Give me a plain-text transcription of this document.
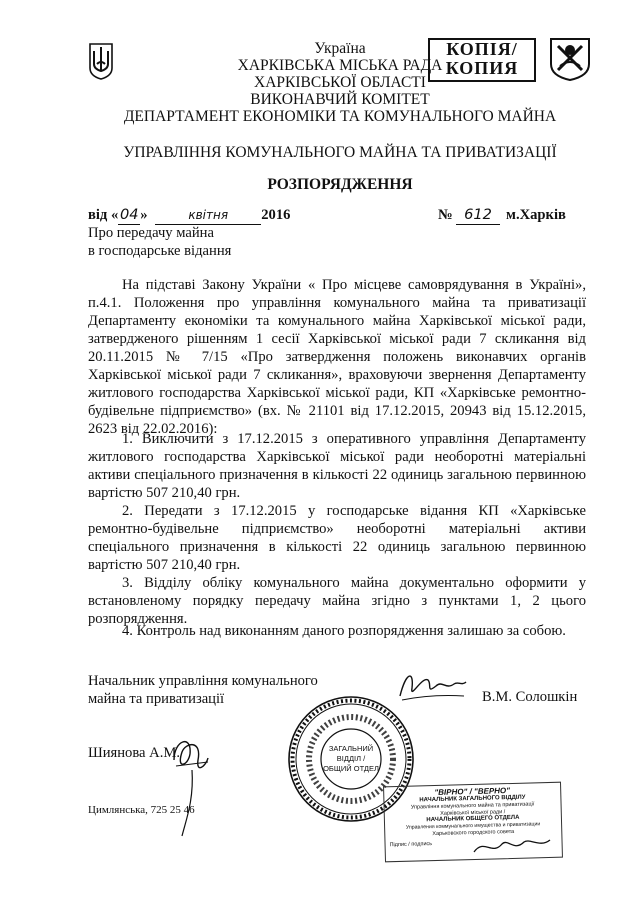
Україна
ХАРКІВСЬКА МІСЬКА РАДА
ХАРКІВСЬКОЇ ОБЛАСТІ
ВИКОНАВЧИЙ КОМІТЕТ
ДЕПАРТАМЕНТ ЕКОНОМІКИ ТА КОМУНАЛЬНОГО МАЙНА
КОПІЯ/
КОПИЯ
УПРАВЛІННЯ КОМУНАЛЬНОГО МАЙНА ТА ПРИВАТИЗАЦІЇ
РОЗПОРЯДЖЕННЯ
від « 04 »	квітня 2016	№ 612 м.Харків
Про передачу майна
в господарське відання
На підставі Закону України « Про місцеве самоврядування в Україні», п.4.1. Положення про управління комунального майна та приватизації Департаменту економіки та комунального майна Харківської міської ради, затвердженого рішенням 1 сесії Харківської міської ради 7 скликання від 20.11.2015 № 7/15 «Про затвердження положень виконавчих органів Харківської міської ради 7 скликання», враховуючи звернення Департаменту житлового господарства Харківської міської ради, КП «Харківське ремонтно-будівельне підприємство» (вх. № 21101 від 17.12.2015, 20943 від 15.12.2015, 2623 від 22.02.2016):
1. Виключити з 17.12.2015 з оперативного управління Департаменту житлового господарства Харківської міської ради необоротні матеріальні активи спеціального призначення в кількості 22 одиниць загальною первинною вартістю 507 210,40 грн.
2. Передати з 17.12.2015 у господарське відання КП «Харківське ремонтно-будівельне підприємство» необоротні матеріальні активи спеціального призначення в кількості 22 одиниць загальною первинною вартістю 507 210,40 грн.
3. Відділу обліку комунального майна документально оформити у встановленому порядку передачу майна згідно з пунктами 1, 2 цього розпорядження.
4. Контроль над виконанням даного розпорядження залишаю за собою.
Начальник управління комунального
майна та приватизації	В.М. Солошкін
ЗАГАЛЬНИЙ
ВІДДІЛ /
ОБЩИЙ ОТДЕЛ
Шиянова А.М.
Цимлянська, 725 25 46
"ВІРНО" / "ВЕРНО"
НАЧАЛЬНИК ЗАГАЛЬНОГО ВІДДІЛУ
Управління комунального майна та приватизації
Харківської міської ради /
НАЧАЛЬНИК ОБЩЕГО ОТДЕЛА
Управления коммунального имущества и приватизации
Харьковского городского совета
Підпис / подпись
